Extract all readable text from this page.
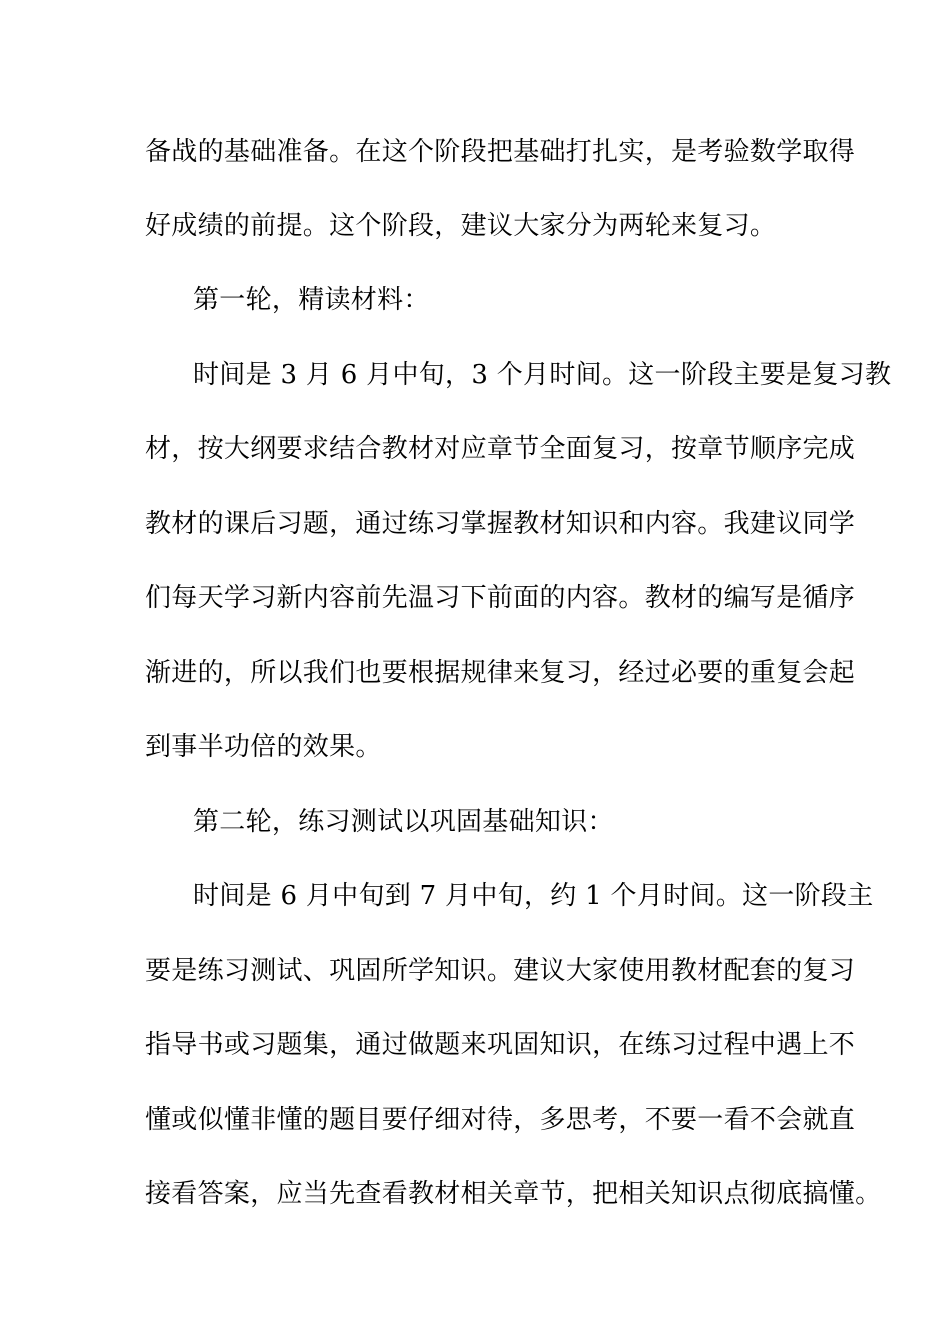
备战的基础准备。在这个阶段把基础打扎实，是考验数学取得
好成绩的前提。这个阶段，建议大家分为两轮来复习。
第一轮，精读材料：
时间是 3 月 6 月中旬，3 个月时间。这一阶段主要是复习教
材，按大纲要求结合教材对应章节全面复习，按章节顺序完成
教材的课后习题，通过练习掌握教材知识和内容。我建议同学
们每天学习新内容前先温习下前面的内容。教材的编写是循序
渐进的，所以我们也要根据规律来复习，经过必要的重复会起
到事半功倍的效果。
第二轮，练习测试以巩固基础知识：
时间是 6 月中旬到 7 月中旬，约 1 个月时间。这一阶段主
要是练习测试、巩固所学知识。建议大家使用教材配套的复习
指导书或习题集，通过做题来巩固知识，在练习过程中遇上不
懂或似懂非懂的题目要仔细对待，多思考，不要一看不会就直
接看答案，应当先查看教材相关章节，把相关知识点彻底搞懂。
